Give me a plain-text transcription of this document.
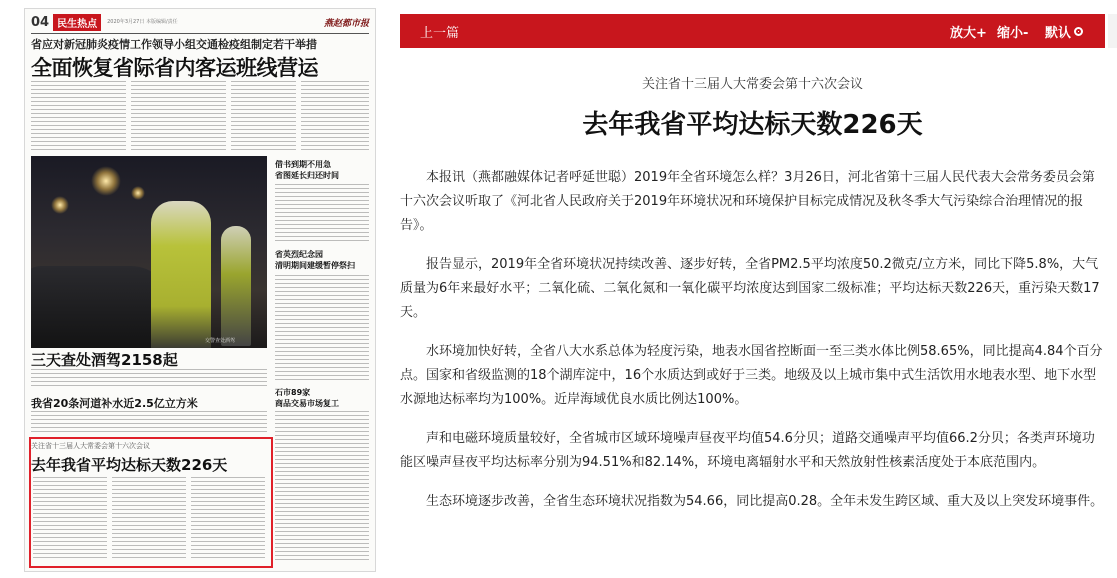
04 民生热点	2020年3月27日 本版编辑/责任	燕赵都市报
省应对新冠肺炎疫情工作领导小组交通检疫组制定若干举措
全面恢复省际省内客运班线营运
交警查处酒驾
借书到期不用急
省图延长归还时间
省英烈纪念园
清明期间建缓暂停祭扫
石市89家
商品交易市场复工
三天查处酒驾2158起
我省20条河道补水近2.5亿立方米
关注省十三届人大常委会第十六次会议
去年我省平均达标天数226天
上一篇	放大+ 缩小- 默认
关注省十三届人大常委会第十六次会议
去年我省平均达标天数226天

本报讯（燕都融媒体记者呼延世聪）2019年全省环境怎么样？3月26日，河北省第十三届人民代表大会常务委员会第十六次会议听取了《河北省人民政府关于2019年环境状况和环境保护目标完成情况及秋冬季大气污染综合治理情况的报告》。

报告显示，2019年全省环境状况持续改善、逐步好转，全省PM2.5平均浓度50.2微克/立方米，同比下降5.8%，大气质量为6年来最好水平；二氧化硫、二氧化氮和一氧化碳平均浓度达到国家二级标准；平均达标天数226天，重污染天数17天。

水环境加快好转，全省八大水系总体为轻度污染，地表水国省控断面一至三类水体比例58.65%，同比提高4.84个百分点。国家和省级监测的18个湖库淀中，16个水质达到或好于三类。地级及以上城市集中式生活饮用水地表水型、地下水型水源地达标率均为100%。近岸海域优良水质比例达100%。

声和电磁环境质量较好，全省城市区域环境噪声昼夜平均值54.6分贝；道路交通噪声平均值66.2分贝；各类声环境功能区噪声昼夜平均达标率分别为94.51%和82.14%，环境电离辐射水平和天然放射性核素活度处于本底范围内。

生态环境逐步改善，全省生态环境状况指数为54.66，同比提高0.28。全年未发生跨区域、重大及以上突发环境事件。
